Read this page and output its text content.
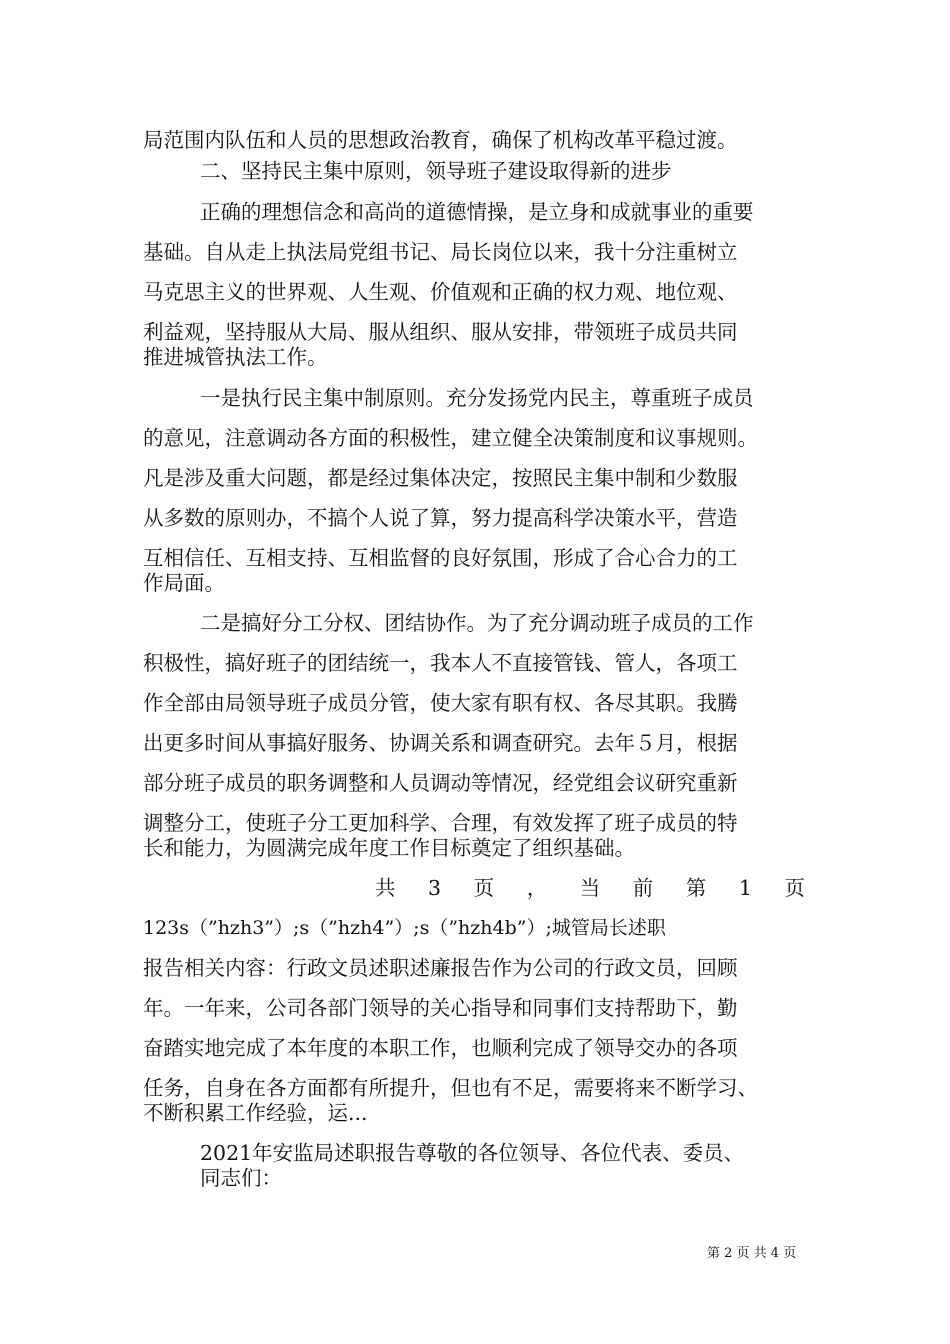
局范围内队伍和人员的思想政治教育，确保了机构改革平稳过渡。
二、坚持民主集中原则，领导班子建设取得新的进步
正确的理想信念和高尚的道德情操，是立身和成就事业的重要
基础。自从走上执法局党组书记、局长岗位以来，我十分注重树立
马克思主义的世界观、人生观、价值观和正确的权力观、地位观、
利益观，坚持服从大局、服从组织、服从安排，带领班子成员共同
推进城管执法工作。
一是执行民主集中制原则。充分发扬党内民主，尊重班子成员
的意见，注意调动各方面的积极性，建立健全决策制度和议事规则。
凡是涉及重大问题，都是经过集体决定，按照民主集中制和少数服
从多数的原则办，不搞个人说了算，努力提高科学决策水平，营造
互相信任、互相支持、互相监督的良好氛围，形成了合心合力的工
作局面。
二是搞好分工分权、团结协作。为了充分调动班子成员的工作
积极性，搞好班子的团结统一，我本人不直接管钱、管人，各项工
作全部由局领导班子成员分管，使大家有职有权、各尽其职。我腾
出更多时间从事搞好服务、协调关系和调查研究。去年５月，根据
部分班子成员的职务调整和人员调动等情况，经党组会议研究重新
调整分工，使班子分工更加科学、合理，有效发挥了班子成员的特
长和能力，为圆满完成年度工作目标奠定了组织基础。
共 3 页 ， 当 前 第 1 页
123s（”hzh3”）;s（”hzh4”）;s（”hzh4b”）;城管局长述职
报告相关内容：行政文员述职述廉报告作为公司的行政文员，回顾
年。一年来，公司各部门领导的关心指导和同事们支持帮助下，勤
奋踏实地完成了本年度的本职工作，也顺利完成了领导交办的各项
任务，自身在各方面都有所提升，但也有不足，需要将来不断学习、
不断积累工作经验，运...
2021年安监局述职报告尊敬的各位领导、各位代表、委员、
同志们：
第 2 页 共 4 页
